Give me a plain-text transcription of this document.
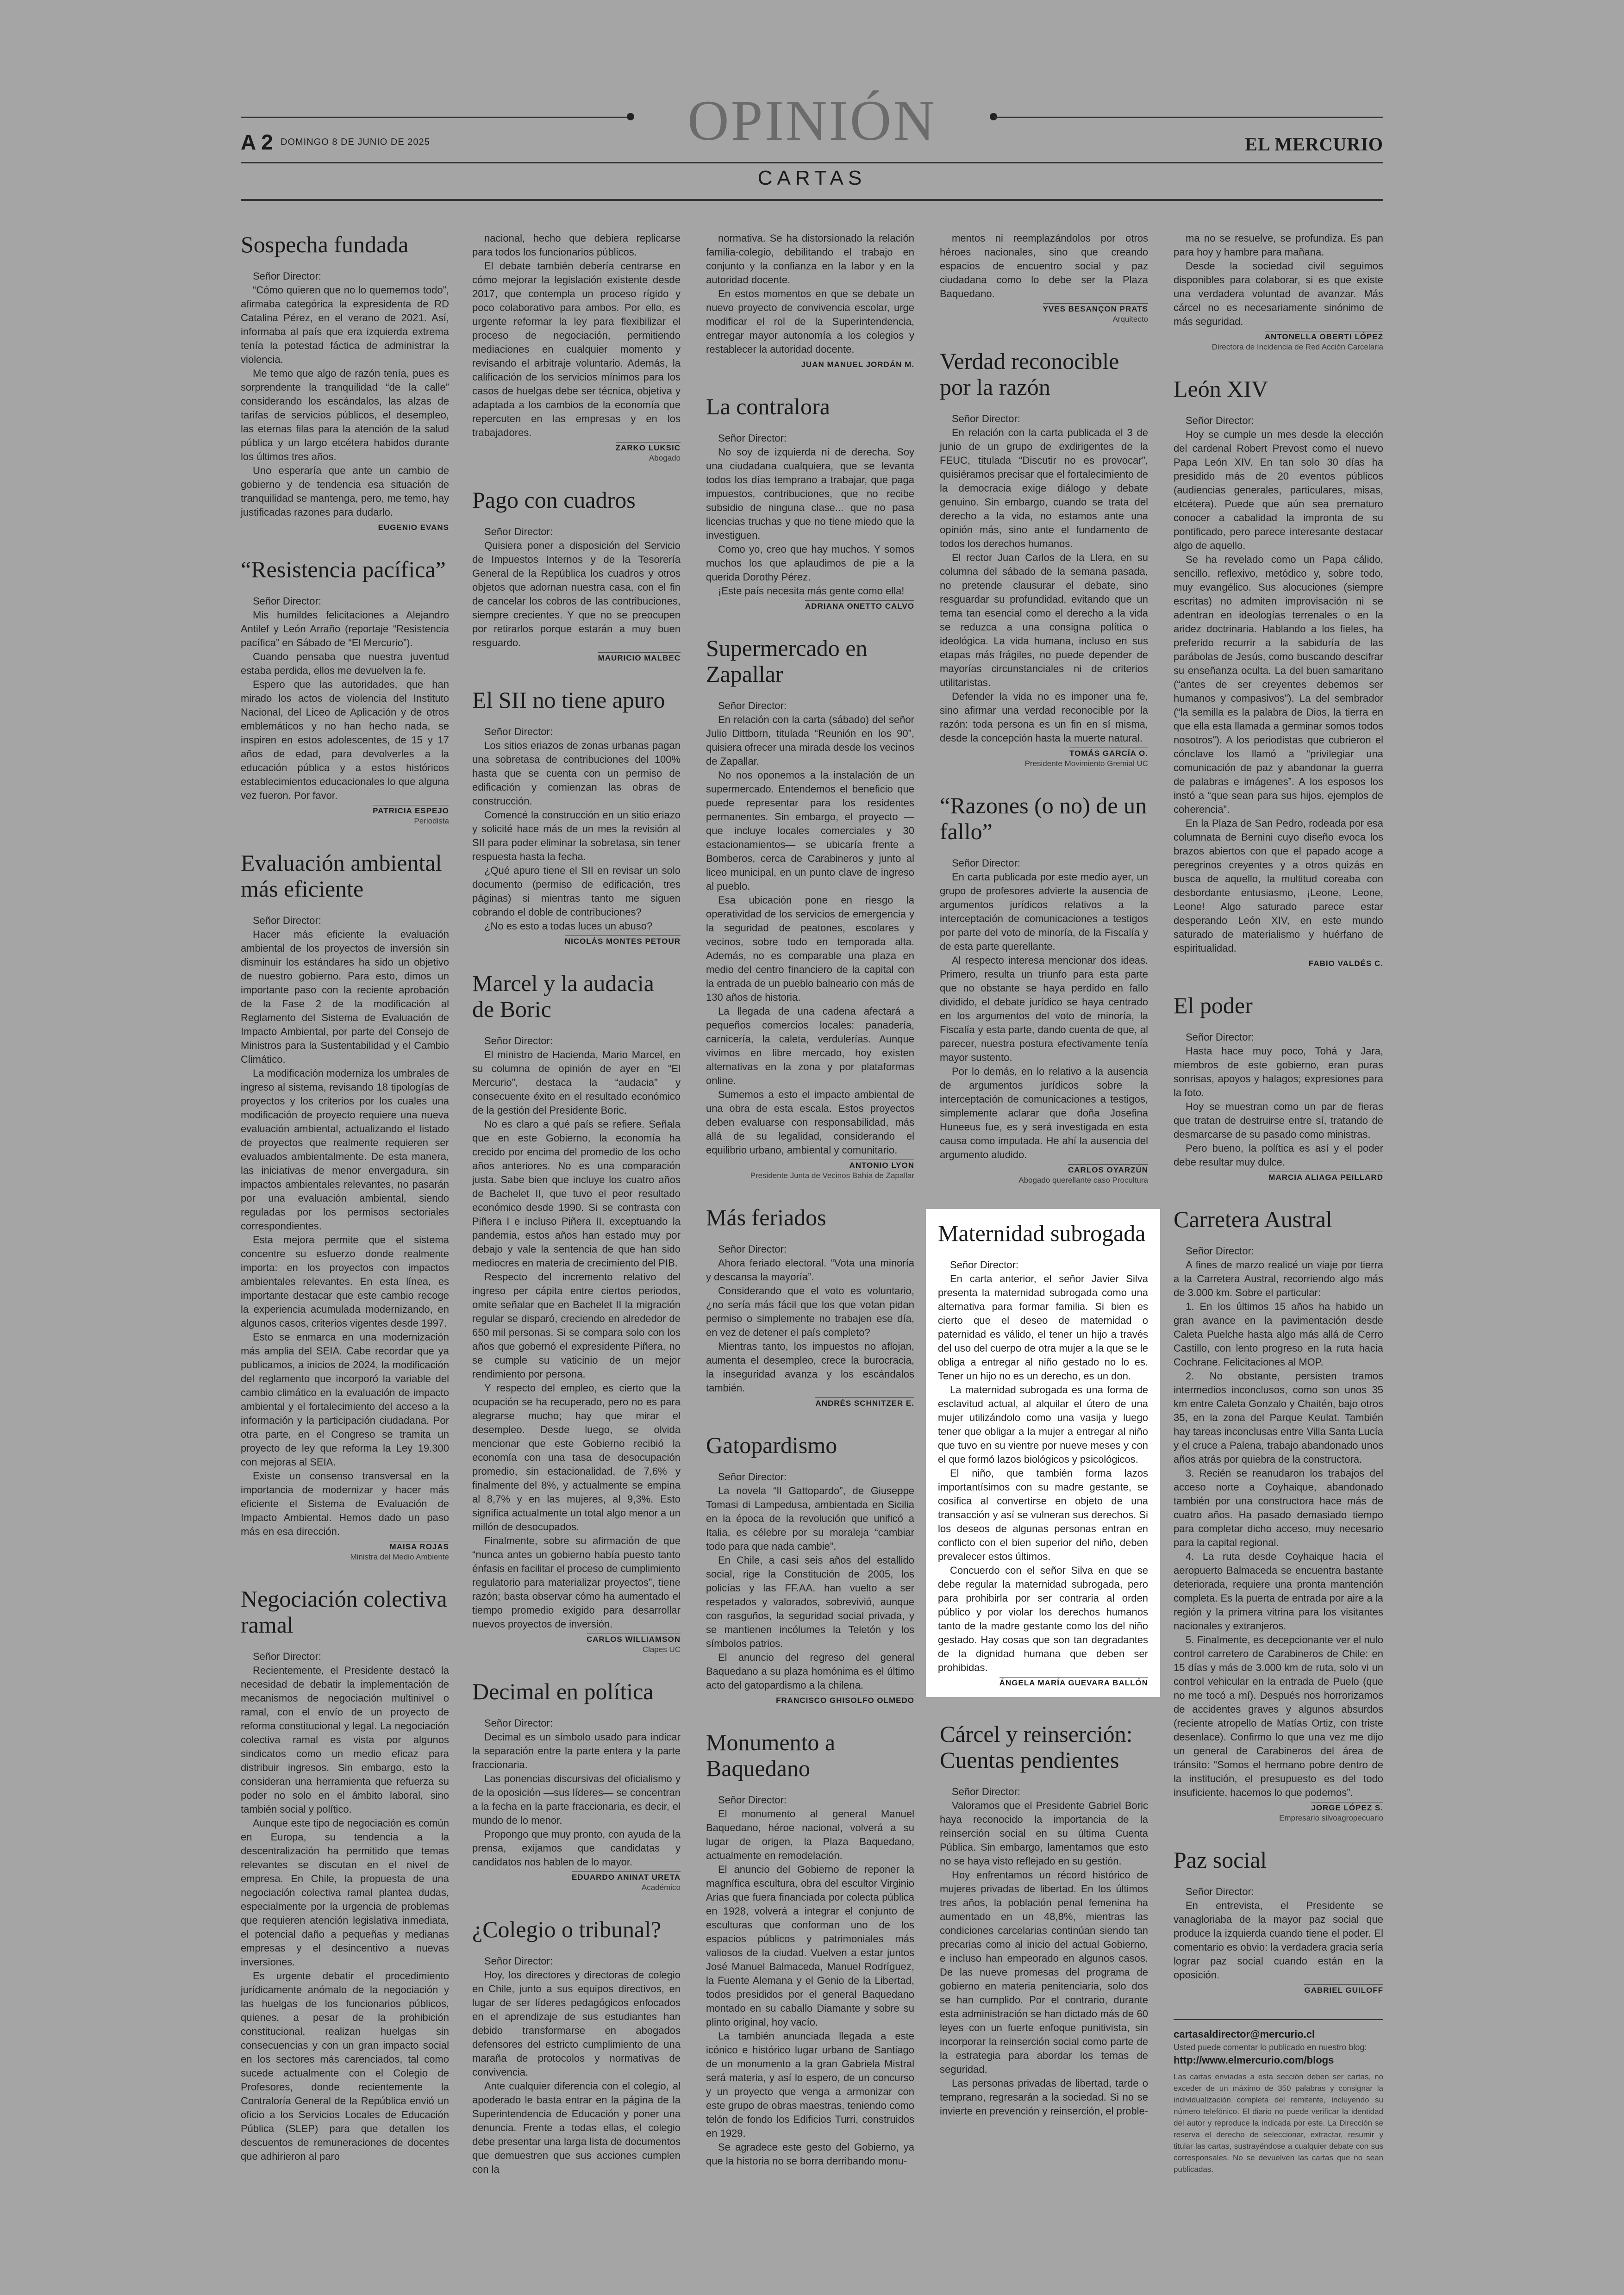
OPINIÓN
A 2 DOMINGO 8 DE JUNIO DE 2025	EL MERCURIO
CARTAS
Sospecha fundada

Señor Director:

“Cómo quieren que no lo quememos todo”, afirmaba categórica la expresidenta de RD Catalina Pérez, en el verano de 2021. Así, informaba al país que era izquierda extrema tenía la potestad fáctica de administrar la violencia.

Me temo que algo de razón tenía, pues es sorprendente la tranquilidad “de la calle” considerando los escándalos, las alzas de tarifas de servicios públicos, el desempleo, las eternas filas para la atención de la salud pública y un largo etcétera habidos durante los últimos tres años.

Uno esperaría que ante un cambio de gobierno y de tendencia esa situación de tranquilidad se mantenga, pero, me temo, hay justificadas razones para dudarlo.

EUGENIO EVANS
“Resistencia pacífica”

Señor Director:

Mis humildes felicitaciones a Alejandro Antilef y León Arraño (reportaje “Resistencia pacífica” en Sábado de “El Mercurio”).

Cuando pensaba que nuestra juventud estaba perdida, ellos me devuelven la fe.

Espero que las autoridades, que han mirado los actos de violencia del Instituto Nacional, del Liceo de Aplicación y de otros emblemáticos y no han hecho nada, se inspiren en estos adolescentes, de 15 y 17 años de edad, para devolverles a la educación pública y a estos históricos establecimientos educacionales lo que alguna vez fueron. Por favor.

PATRICIA ESPEJO
Periodista
Evaluación ambiental más eficiente

Señor Director:

Hacer más eficiente la evaluación ambiental de los proyectos de inversión sin disminuir los estándares ha sido un objetivo de nuestro gobierno. Para esto, dimos un importante paso con la reciente aprobación de la Fase 2 de la modificación al Reglamento del Sistema de Evaluación de Impacto Ambiental, por parte del Consejo de Ministros para la Sustentabilidad y el Cambio Climático.

La modificación moderniza los umbrales de ingreso al sistema, revisando 18 tipologías de proyectos y los criterios por los cuales una modificación de proyecto requiere una nueva evaluación ambiental, actualizando el listado de proyectos que realmente requieren ser evaluados ambientalmente. De esta manera, las iniciativas de menor envergadura, sin impactos ambientales relevantes, no pasarán por una evaluación ambiental, siendo reguladas por los permisos sectoriales correspondientes.

Esta mejora permite que el sistema concentre su esfuerzo donde realmente importa: en los proyectos con impactos ambientales relevantes. En esta línea, es importante destacar que este cambio recoge la experiencia acumulada modernizando, en algunos casos, criterios vigentes desde 1997.

Esto se enmarca en una modernización más amplia del SEIA. Cabe recordar que ya publicamos, a inicios de 2024, la modificación del reglamento que incorporó la variable del cambio climático en la evaluación de impacto ambiental y el fortalecimiento del acceso a la información y la participación ciudadana. Por otra parte, en el Congreso se tramita un proyecto de ley que reforma la Ley 19.300 con mejoras al SEIA.

Existe un consenso transversal en la importancia de modernizar y hacer más eficiente el Sistema de Evaluación de Impacto Ambiental. Hemos dado un paso más en esa dirección.

MAISA ROJAS
Ministra del Medio Ambiente
Negociación colectiva ramal

Señor Director:

Recientemente, el Presidente destacó la necesidad de debatir la implementación de mecanismos de negociación multinivel o ramal, con el envío de un proyecto de reforma constitucional y legal. La negociación colectiva ramal es vista por algunos sindicatos como un medio eficaz para distribuir ingresos. Sin embargo, esto la consideran una herramienta que refuerza su poder no solo en el ámbito laboral, sino también social y político.

Aunque este tipo de negociación es común en Europa, su tendencia a la descentralización ha permitido que temas relevantes se discutan en el nivel de empresa. En Chile, la propuesta de una negociación colectiva ramal plantea dudas, especialmente por la urgencia de problemas que requieren atención legislativa inmediata, el potencial daño a pequeñas y medianas empresas y el desincentivo a nuevas inversiones.

Es urgente debatir el procedimiento jurídicamente anómalo de la negociación y las huelgas de los funcionarios públicos, quienes, a pesar de la prohibición constitucional, realizan huelgas sin consecuencias y con un gran impacto social en los sectores más carenciados, tal como sucede actualmente con el Colegio de Profesores, donde recientemente la Contraloría General de la República envió un oficio a los Servicios Locales de Educación Pública (SLEP) para que detallen los descuentos de remuneraciones de docentes que adhirieron al paro

nacional, hecho que debiera replicarse para todos los funcionarios públicos.

El debate también debería centrarse en cómo mejorar la legislación existente desde 2017, que contempla un proceso rígido y poco colaborativo para ambos. Por ello, es urgente reformar la ley para flexibilizar el proceso de negociación, permitiendo mediaciones en cualquier momento y revisando el arbitraje voluntario. Además, la calificación de los servicios mínimos para los casos de huelgas debe ser técnica, objetiva y adaptada a los cambios de la economía que repercuten en las empresas y en los trabajadores.

ZARKO LUKSIC
Abogado
Pago con cuadros

Señor Director:

Quisiera poner a disposición del Servicio de Impuestos Internos y de la Tesorería General de la República los cuadros y otros objetos que adornan nuestra casa, con el fin de cancelar los cobros de las contribuciones, siempre crecientes. Y que no se preocupen por retirarlos porque estarán a muy buen resguardo.

MAURICIO MALBEC
El SII no tiene apuro

Señor Director:

Los sitios eriazos de zonas urbanas pagan una sobretasa de contribuciones del 100% hasta que se cuenta con un permiso de edificación y comienzan las obras de construcción.

Comencé la construcción en un sitio eriazo y solicité hace más de un mes la revisión al SII para poder eliminar la sobretasa, sin tener respuesta hasta la fecha.

¿Qué apuro tiene el SII en revisar un solo documento (permiso de edificación, tres páginas) si mientras tanto me siguen cobrando el doble de contribuciones?

¿No es esto a todas luces un abuso?

NICOLÁS MONTES PETOUR
Marcel y la audacia de Boric

Señor Director:

El ministro de Hacienda, Mario Marcel, en su columna de opinión de ayer en “El Mercurio”, destaca la “audacia” y consecuente éxito en el resultado económico de la gestión del Presidente Boric.

No es claro a qué país se refiere. Señala que en este Gobierno, la economía ha crecido por encima del promedio de los ocho años anteriores. No es una comparación justa. Sabe bien que incluye los cuatro años de Bachelet II, que tuvo el peor resultado económico desde 1990. Si se contrasta con Piñera I e incluso Piñera II, exceptuando la pandemia, estos años han estado muy por debajo y vale la sentencia de que han sido mediocres en materia de crecimiento del PIB.

Respecto del incremento relativo del ingreso per cápita entre ciertos periodos, omite señalar que en Bachelet II la migración regular se disparó, creciendo en alrededor de 650 mil personas. Si se compara solo con los años que gobernó el expresidente Piñera, no se cumple su vaticinio de un mejor rendimiento por persona.

Y respecto del empleo, es cierto que la ocupación se ha recuperado, pero no es para alegrarse mucho; hay que mirar el desempleo. Desde luego, se olvida mencionar que este Gobierno recibió la economía con una tasa de desocupación promedio, sin estacionalidad, de 7,6% y finalmente del 8%, y actualmente se empina al 8,7% y en las mujeres, al 9,3%. Esto significa actualmente un total algo menor a un millón de desocupados.

Finalmente, sobre su afirmación de que “nunca antes un gobierno había puesto tanto énfasis en facilitar el proceso de cumplimiento regulatorio para materializar proyectos”, tiene razón; basta observar cómo ha aumentado el tiempo promedio exigido para desarrollar nuevos proyectos de inversión.

CARLOS WILLIAMSON
Clapes UC
Decimal en política

Señor Director:

Decimal es un símbolo usado para indicar la separación entre la parte entera y la parte fraccionaria.

Las ponencias discursivas del oficialismo y de la oposición —sus líderes— se concentran a la fecha en la parte fraccionaria, es decir, el mundo de lo menor.

Propongo que muy pronto, con ayuda de la prensa, exijamos que candidatas y candidatos nos hablen de lo mayor.

EDUARDO ANINAT URETA
Académico
¿Colegio o tribunal?

Señor Director:

Hoy, los directores y directoras de colegio en Chile, junto a sus equipos directivos, en lugar de ser líderes pedagógicos enfocados en el aprendizaje de sus estudiantes han debido transformarse en abogados defensores del estricto cumplimiento de una maraña de protocolos y normativas de convivencia.

Ante cualquier diferencia con el colegio, al apoderado le basta entrar en la página de la Superintendencia de Educación y poner una denuncia. Frente a todas ellas, el colegio debe presentar una larga lista de documentos que demuestren que sus acciones cumplen con la

normativa. Se ha distorsionado la relación familia-colegio, debilitando el trabajo en conjunto y la confianza en la labor y en la autoridad docente.

En estos momentos en que se debate un nuevo proyecto de convivencia escolar, urge modificar el rol de la Superintendencia, entregar mayor autonomía a los colegios y restablecer la autoridad docente.

JUAN MANUEL JORDÁN M.
La contralora

Señor Director:

No soy de izquierda ni de derecha. Soy una ciudadana cualquiera, que se levanta todos los días temprano a trabajar, que paga impuestos, contribuciones, que no recibe subsidio de ninguna clase... que no pasa licencias truchas y que no tiene miedo que la investiguen.

Como yo, creo que hay muchos. Y somos muchos los que aplaudimos de pie a la querida Dorothy Pérez.

¡Este país necesita más gente como ella!

ADRIANA ONETTO CALVO
Supermercado en Zapallar

Señor Director:

En relación con la carta (sábado) del señor Julio Dittborn, titulada “Reunión en los 90”, quisiera ofrecer una mirada desde los vecinos de Zapallar.

No nos oponemos a la instalación de un supermercado. Entendemos el beneficio que puede representar para los residentes permanentes. Sin embargo, el proyecto —que incluye locales comerciales y 30 estacionamientos— se ubicaría frente a Bomberos, cerca de Carabineros y junto al liceo municipal, en un punto clave de ingreso al pueblo.

Esa ubicación pone en riesgo la operatividad de los servicios de emergencia y la seguridad de peatones, escolares y vecinos, sobre todo en temporada alta. Además, no es comparable una plaza en medio del centro financiero de la capital con la entrada de un pueblo balneario con más de 130 años de historia.

La llegada de una cadena afectará a pequeños comercios locales: panadería, carnicería, la caleta, verdulerías. Aunque vivimos en libre mercado, hoy existen alternativas en la zona y por plataformas online.

Sumemos a esto el impacto ambiental de una obra de esta escala. Estos proyectos deben evaluarse con responsabilidad, más allá de su legalidad, considerando el equilibrio urbano, ambiental y comunitario.

ANTONIO LYON
Presidente Junta de Vecinos Bahía de Zapallar
Más feriados

Señor Director:

Ahora feriado electoral. “Vota una minoría y descansa la mayoría”.

Considerando que el voto es voluntario, ¿no sería más fácil que los que votan pidan permiso o simplemente no trabajen ese día, en vez de detener el país completo?

Mientras tanto, los impuestos no aflojan, aumenta el desempleo, crece la burocracia, la inseguridad avanza y los escándalos también.

ANDRÉS SCHNITZER E.
Gatopardismo

Señor Director:

La novela “Il Gattopardo”, de Giuseppe Tomasi di Lampedusa, ambientada en Sicilia en la época de la revolución que unificó a Italia, es célebre por su moraleja “cambiar todo para que nada cambie”.

En Chile, a casi seis años del estallido social, rige la Constitución de 2005, los policías y las FF.AA. han vuelto a ser respetados y valorados, sobrevivió, aunque con rasguños, la seguridad social privada, y se mantienen incólumes la Teletón y los símbolos patrios.

El anuncio del regreso del general Baquedano a su plaza homónima es el último acto del gatopardismo a la chilena.

FRANCISCO GHISOLFO OLMEDO
Monumento a Baquedano

Señor Director:

El monumento al general Manuel Baquedano, héroe nacional, volverá a su lugar de origen, la Plaza Baquedano, actualmente en remodelación.

El anuncio del Gobierno de reponer la magnífica escultura, obra del escultor Virginio Arias que fuera financiada por colecta pública en 1928, volverá a integrar el conjunto de esculturas que conforman uno de los espacios públicos y patrimoniales más valiosos de la ciudad. Vuelven a estar juntos José Manuel Balmaceda, Manuel Rodríguez, la Fuente Alemana y el Genio de la Libertad, todos presididos por el general Baquedano montado en su caballo Diamante y sobre su plinto original, hoy vacío.

La también anunciada llegada a este icónico e histórico lugar urbano de Santiago de un monumento a la gran Gabriela Mistral será materia, y así lo espero, de un concurso y un proyecto que venga a armonizar con este grupo de obras maestras, teniendo como telón de fondo los Edificios Turri, construidos en 1929.

Se agradece este gesto del Gobierno, ya que la historia no se borra derribando monu-

mentos ni reemplazándolos por otros héroes nacionales, sino que creando espacios de encuentro social y paz ciudadana como lo debe ser la Plaza Baquedano.

YVES BESANÇON PRATS
Arquitecto
Verdad reconocible por la razón

Señor Director:

En relación con la carta publicada el 3 de junio de un grupo de exdirigentes de la FEUC, titulada “Discutir no es provocar”, quisiéramos precisar que el fortalecimiento de la democracia exige diálogo y debate genuino. Sin embargo, cuando se trata del derecho a la vida, no estamos ante una opinión más, sino ante el fundamento de todos los derechos humanos.

El rector Juan Carlos de la Llera, en su columna del sábado de la semana pasada, no pretende clausurar el debate, sino resguardar su profundidad, evitando que un tema tan esencial como el derecho a la vida se reduzca a una consigna política o ideológica. La vida humana, incluso en sus etapas más frágiles, no puede depender de mayorías circunstanciales ni de criterios utilitaristas.

Defender la vida no es imponer una fe, sino afirmar una verdad reconocible por la razón: toda persona es un fin en sí misma, desde la concepción hasta la muerte natural.

TOMÁS GARCÍA O.
Presidente Movimiento Gremial UC
“Razones (o no) de un fallo”

Señor Director:

En carta publicada por este medio ayer, un grupo de profesores advierte la ausencia de argumentos jurídicos relativos a la interceptación de comunicaciones a testigos por parte del voto de minoría, de la Fiscalía y de esta parte querellante.

Al respecto interesa mencionar dos ideas. Primero, resulta un triunfo para esta parte que no obstante se haya perdido en fallo dividido, el debate jurídico se haya centrado en los argumentos del voto de minoría, la Fiscalía y esta parte, dando cuenta de que, al parecer, nuestra postura efectivamente tenía mayor sustento.

Por lo demás, en lo relativo a la ausencia de argumentos jurídicos sobre la interceptación de comunicaciones a testigos, simplemente aclarar que doña Josefina Huneeus fue, es y será investigada en esta causa como imputada. He ahí la ausencia del argumento aludido.

CARLOS OYARZÚN
Abogado querellante caso Procultura
Maternidad subrogada

Señor Director:

En carta anterior, el señor Javier Silva presenta la maternidad subrogada como una alternativa para formar familia. Si bien es cierto que el deseo de maternidad o paternidad es válido, el tener un hijo a través del uso del cuerpo de otra mujer a la que se le obliga a entregar al niño gestado no lo es. Tener un hijo no es un derecho, es un don.

La maternidad subrogada es una forma de esclavitud actual, al alquilar el útero de una mujer utilizándolo como una vasija y luego tener que obligar a la mujer a entregar al niño que tuvo en su vientre por nueve meses y con el que formó lazos biológicos y psicológicos.

El niño, que también forma lazos importantísimos con su madre gestante, se cosifica al convertirse en objeto de una transacción y así se vulneran sus derechos. Si los deseos de algunas personas entran en conflicto con el bien superior del niño, deben prevalecer estos últimos.

Concuerdo con el señor Silva en que se debe regular la maternidad subrogada, pero para prohibirla por ser contraria al orden público y por violar los derechos humanos tanto de la madre gestante como los del niño gestado. Hay cosas que son tan degradantes de la dignidad humana que deben ser prohibidas.

ÁNGELA MARÍA GUEVARA BALLÓN
Cárcel y reinserción: Cuentas pendientes

Señor Director:

Valoramos que el Presidente Gabriel Boric haya reconocido la importancia de la reinserción social en su última Cuenta Pública. Sin embargo, lamentamos que esto no se haya visto reflejado en su gestión.

Hoy enfrentamos un récord histórico de mujeres privadas de libertad. En los últimos tres años, la población penal femenina ha aumentado en un 48,8%, mientras las condiciones carcelarias continúan siendo tan precarias como al inicio del actual Gobierno, e incluso han empeorado en algunos casos. De las nueve promesas del programa de gobierno en materia penitenciaria, solo dos se han cumplido. Por el contrario, durante esta administración se han dictado más de 60 leyes con un fuerte enfoque punitivista, sin incorporar la reinserción social como parte de la estrategia para abordar los temas de seguridad.

Las personas privadas de libertad, tarde o temprano, regresarán a la sociedad. Si no se invierte en prevención y reinserción, el proble-

ma no se resuelve, se profundiza. Es pan para hoy y hambre para mañana.

Desde la sociedad civil seguimos disponibles para colaborar, si es que existe una verdadera voluntad de avanzar. Más cárcel no es necesariamente sinónimo de más seguridad.

ANTONELLA OBERTI LÓPEZ
Directora de Incidencia de Red Acción Carcelaria
León XIV

Señor Director:

Hoy se cumple un mes desde la elección del cardenal Robert Prevost como el nuevo Papa León XIV. En tan solo 30 días ha presidido más de 20 eventos públicos (audiencias generales, particulares, misas, etcétera). Puede que aún sea prematuro conocer a cabalidad la impronta de su pontificado, pero parece interesante destacar algo de aquello.

Se ha revelado como un Papa cálido, sencillo, reflexivo, metódico y, sobre todo, muy evangélico. Sus alocuciones (siempre escritas) no admiten improvisación ni se adentran en ideologías terrenales o en la aridez doctrinaria. Hablando a los fieles, ha preferido recurrir a la sabiduría de las parábolas de Jesús, como buscando descifrar su enseñanza oculta. La del buen samaritano (“antes de ser creyentes debemos ser humanos y compasivos”). La del sembrador (“la semilla es la palabra de Dios, la tierra en que ella esta llamada a germinar somos todos nosotros”). A los periodistas que cubrieron el cónclave los llamó a “privilegiar una comunicación de paz y abandonar la guerra de palabras e imágenes”. A los esposos los instó a “que sean para sus hijos, ejemplos de coherencia”.

En la Plaza de San Pedro, rodeada por esa columnata de Bernini cuyo diseño evoca los brazos abiertos con que el papado acoge a peregrinos creyentes y a otros quizás en busca de aquello, la multitud coreaba con desbordante entusiasmo, ¡Leone, Leone, Leone! Algo saturado parece estar desperando León XIV, en este mundo saturado de materialismo y huérfano de espiritualidad.

FABIO VALDÉS C.
El poder

Señor Director:

Hasta hace muy poco, Tohá y Jara, miembros de este gobierno, eran puras sonrisas, apoyos y halagos; expresiones para la foto.

Hoy se muestran como un par de fieras que tratan de destruirse entre sí, tratando de desmarcarse de su pasado como ministras.

Pero bueno, la política es así y el poder debe resultar muy dulce.

MARCIA ALIAGA PEILLARD
Carretera Austral

Señor Director:

A fines de marzo realicé un viaje por tierra a la Carretera Austral, recorriendo algo más de 3.000 km. Sobre el particular:

1. En los últimos 15 años ha habido un gran avance en la pavimentación desde Caleta Puelche hasta algo más allá de Cerro Castillo, con lento progreso en la ruta hacia Cochrane. Felicitaciones al MOP.

2. No obstante, persisten tramos intermedios inconclusos, como son unos 35 km entre Caleta Gonzalo y Chaitén, bajo otros 35, en la zona del Parque Keulat. También hay tareas inconclusas entre Villa Santa Lucía y el cruce a Palena, trabajo abandonado unos años atrás por quiebra de la constructora.

3. Recién se reanudaron los trabajos del acceso norte a Coyhaique, abandonado también por una constructora hace más de cuatro años. Ha pasado demasiado tiempo para completar dicho acceso, muy necesario para la capital regional.

4. La ruta desde Coyhaique hacia el aeropuerto Balmaceda se encuentra bastante deteriorada, requiere una pronta mantención completa. Es la puerta de entrada por aire a la región y la primera vitrina para los visitantes nacionales y extranjeros.

5. Finalmente, es decepcionante ver el nulo control carretero de Carabineros de Chile: en 15 días y más de 3.000 km de ruta, solo vi un control vehicular en la entrada de Puelo (que no me tocó a mí). Después nos horrorizamos de accidentes graves y algunos absurdos (reciente atropello de Matías Ortiz, con triste desenlace). Confirmo lo que una vez me dijo un general de Carabineros del área de tránsito: “Somos el hermano pobre dentro de la institución, el presupuesto es del todo insuficiente, hacemos lo que podemos”.

JORGE LÓPEZ S.
Empresario silvoagropecuario
Paz social

Señor Director:

En entrevista, el Presidente se vanagloriaba de la mayor paz social que produce la izquierda cuando tiene el poder. El comentario es obvio: la verdadera gracia sería lograr paz social cuando están en la oposición.

GABRIEL GUILOFF
cartasaldirector@mercurio.cl
Usted puede comentar lo publicado en nuestro blog:
http://www.elmercurio.com/blogs
Las cartas enviadas a esta sección deben ser cartas, no exceder de un máximo de 350 palabras y consignar la individualización completa del remitente, incluyendo su número telefónico. El diario no puede verificar la identidad del autor y reproduce la indicada por este. La Dirección se reserva el derecho de seleccionar, extractar, resumir y titular las cartas, sustrayéndose a cualquier debate con sus corresponsales. No se devuelven las cartas que no sean publicadas.
